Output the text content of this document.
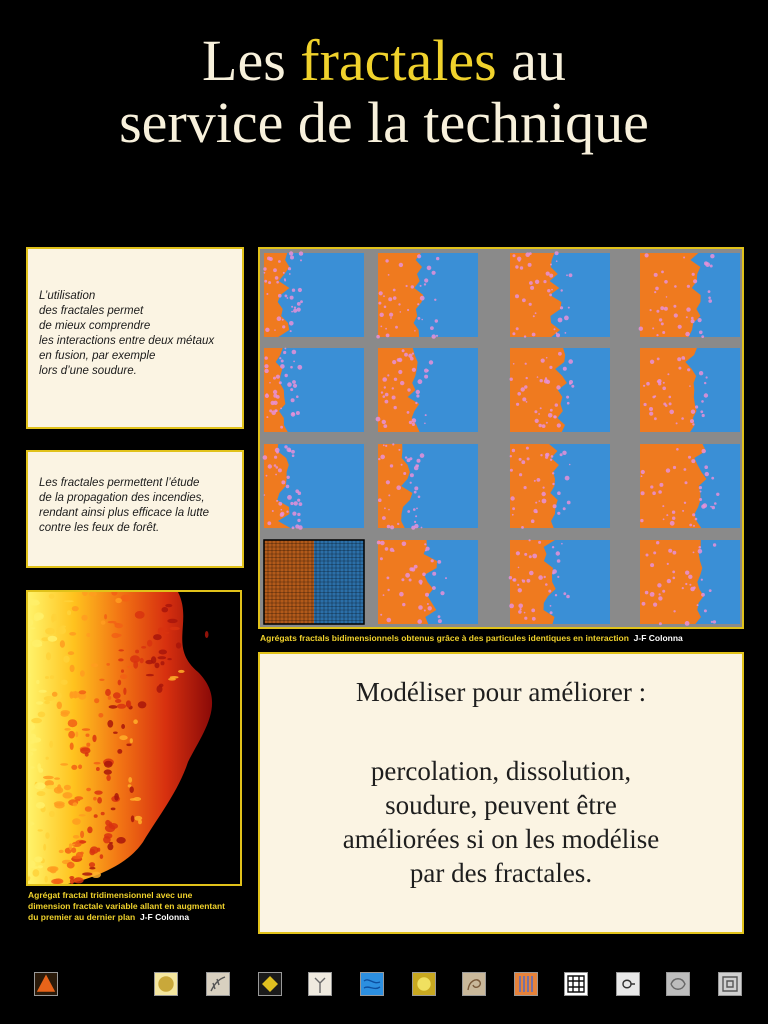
Les fractales au
service de la technique

L’utilisation
des fractales permet
de mieux comprendre
les interactions entre deux métaux
en fusion, par exemple
lors d’une soudure.

Les fractales permettent l’étude
de la propagation des incendies,
rendant ainsi plus efficace la lutte
contre les feux de forêt.

Agrégat fractal tridimensionnel avec une
dimension fractale variable allant en augmentant
du premier au dernier plan J-F Colonna
Agrégats fractals bidimensionnels obtenus grâce à des particules identiques en interaction J-F Colonna
Modéliser pour améliorer :
percolation, dissolution,
soudure, peuvent être
améliorées si on les modélise
par des fractales.
